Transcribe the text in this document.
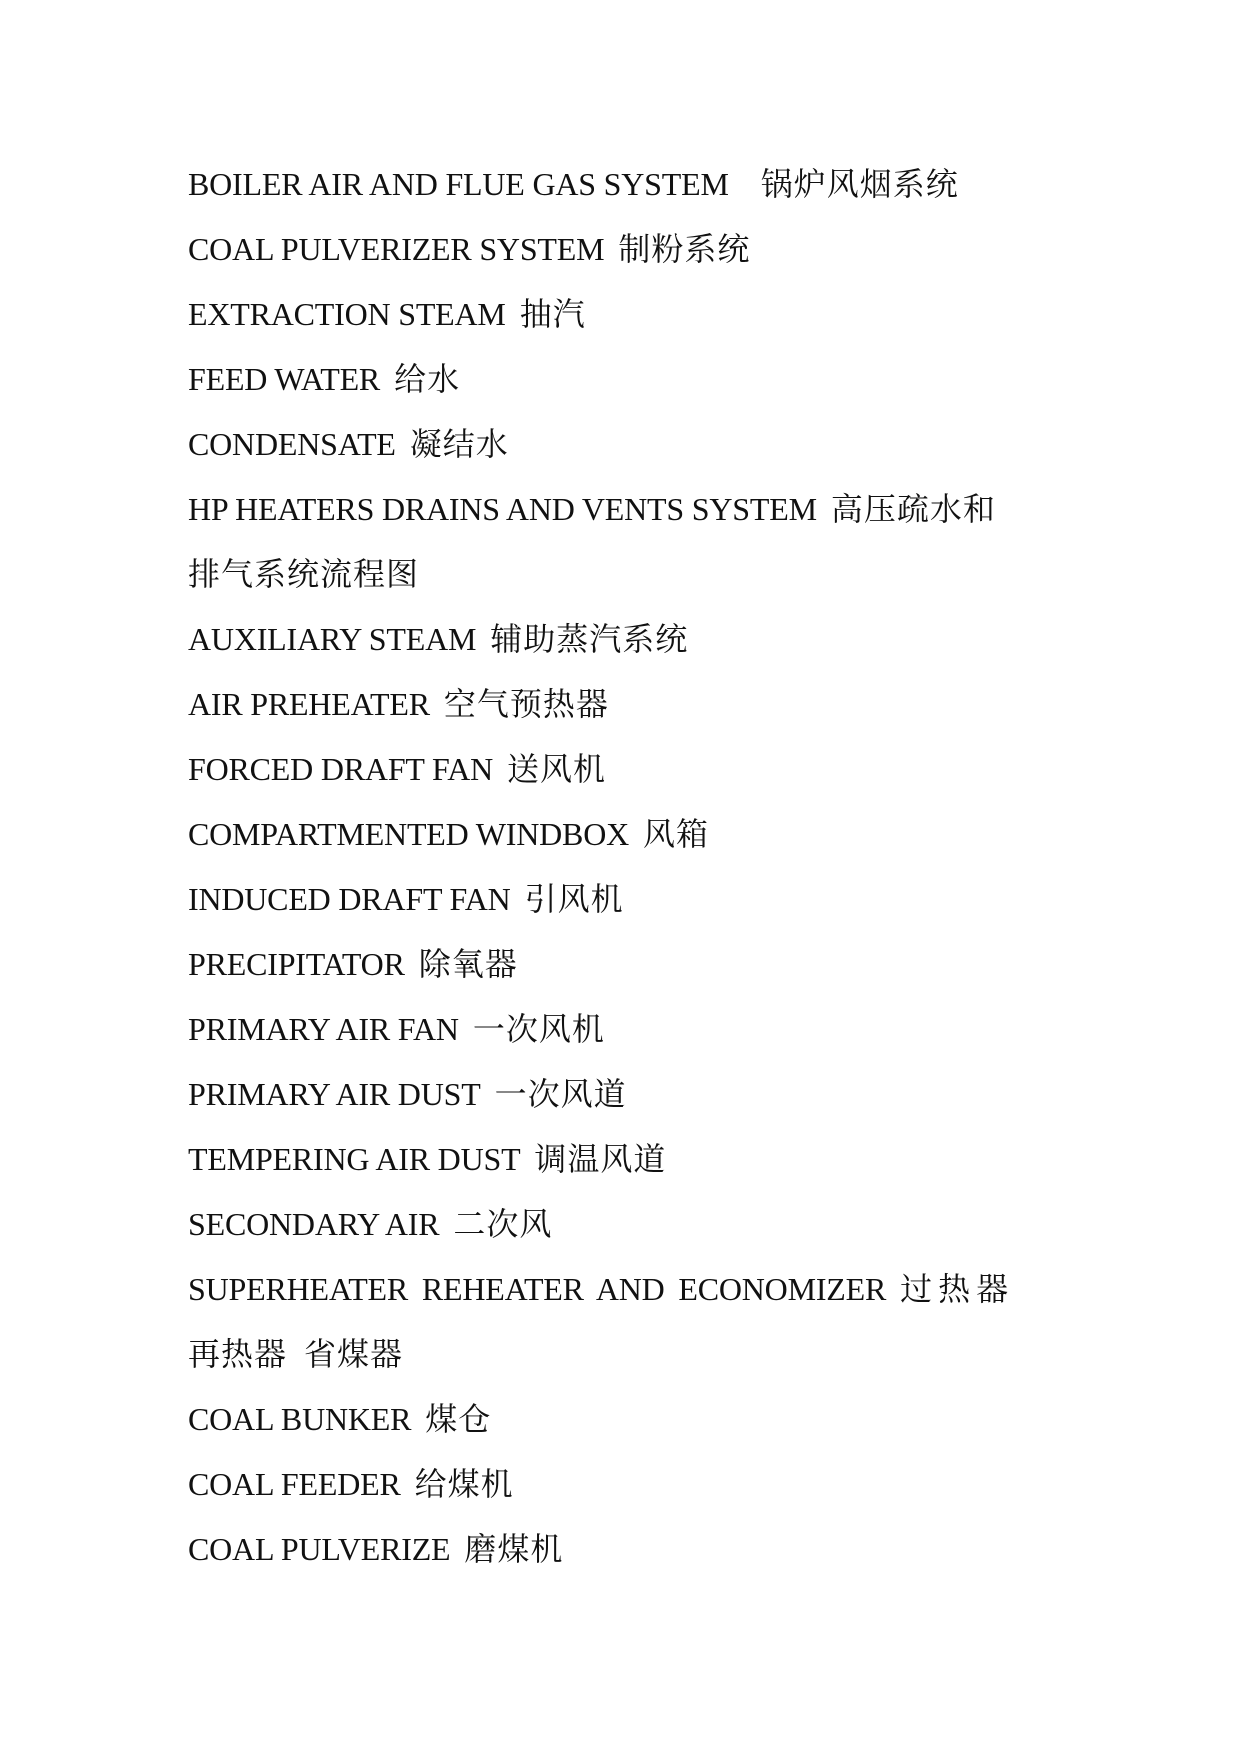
BOILER AIR AND FLUE GAS SYSTEM 锅炉风烟系统
COAL PULVERIZER SYSTEM 制粉系统
EXTRACTION STEAM 抽汽
FEED WATER 给水
CONDENSATE 凝结水
HP HEATERS DRAINS AND VENTS SYSTEM 高压疏水和
排气系统流程图
AUXILIARY STEAM 辅助蒸汽系统
AIR PREHEATER 空气预热器
FORCED DRAFT FAN 送风机
COMPARTMENTED WINDBOX 风箱
INDUCED DRAFT FAN 引风机
PRECIPITATOR 除氧器
PRIMARY AIR FAN 一次风机
PRIMARY AIR DUST 一次风道
TEMPERING AIR DUST 调温风道
SECONDARY AIR 二次风
SUPERHEATER REHEATER AND ECONOMIZER 过热器
再热器 省煤器
COAL BUNKER 煤仓
COAL FEEDER 给煤机
COAL PULVERIZE 磨煤机
